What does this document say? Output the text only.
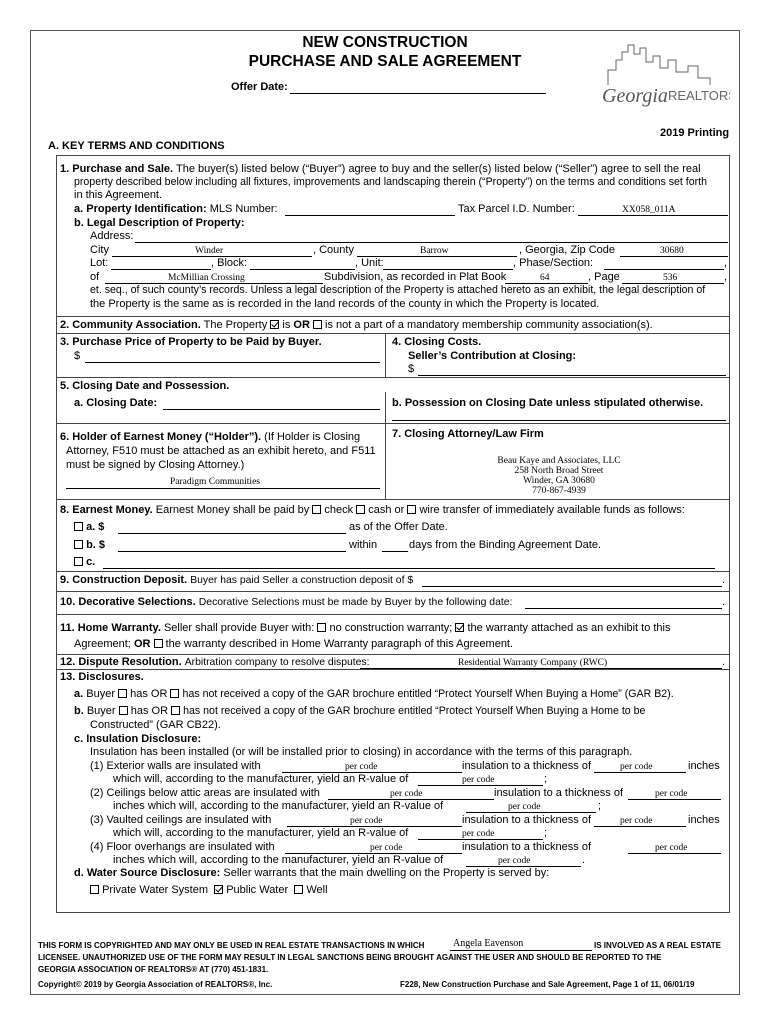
NEW CONSTRUCTION
PURCHASE AND SALE AGREEMENT
Offer Date:	Georgia REALTORS
2019 Printing
A. KEY TERMS AND CONDITIONS
1. Purchase and Sale. The buyer(s) listed below (“Buyer”) agree to buy and the seller(s) listed below (“Seller”) agree to sell the real
property described below including all fixtures, improvements and landscaping therein (“Property”) on the terms and conditions set forth
in this Agreement.
a. Property Identification: MLS Number:	Tax Parcel I.D. Number:	XX058_011A
b. Legal Description of Property:
Address:
City	Winder	, County	Barrow	, Georgia, Zip Code	30680
Lot:	, Block:	, Unit:	, Phase/Section:	,
of	McMillian Crossing	Subdivision, as recorded in Plat Book	64	, Page	536	,
et. seq., of such county’s records. Unless a legal description of the Property is attached hereto as an exhibit, the legal description of
the Property is the same as is recorded in the land records of the county in which the Property is located.
2. Community Association. The Property is OR is not a part of a mandatory membership community association(s).
3. Purchase Price of Property to be Paid by Buyer.
$
4. Closing Costs.
Seller’s Contribution at Closing:
$
5. Closing Date and Possession.
a. Closing Date:	b. Possession on Closing Date unless stipulated otherwise.
6. Holder of Earnest Money (“Holder”). (If Holder is Closing
Attorney, F510 must be attached as an exhibit hereto, and F511
must be signed by Closing Attorney.)
Paradigm Communities
7. Closing Attorney/Law Firm
Beau Kaye and Associates, LLC
258 North Broad Street
Winder, GA 30680
770-867-4939
8. Earnest Money. Earnest Money shall be paid by check cash or wire transfer of immediately available funds as follows:
a. $	as of the Offer Date.
b. $	within	days from the Binding Agreement Date.
c.
9. Construction Deposit. Buyer has paid Seller a construction deposit of $	.
10. Decorative Selections. Decorative Selections must be made by Buyer by the following date:	.
11. Home Warranty. Seller shall provide Buyer with: no construction warranty; the warranty attached as an exhibit to this
Agreement; OR the warranty described in Home Warranty paragraph of this Agreement.
12. Dispute Resolution. Arbitration company to resolve disputes:	Residential Warranty Company (RWC)	.
13. Disclosures.
a. Buyer has OR has not received a copy of the GAR brochure entitled “Protect Yourself When Buying a Home” (GAR B2).
b. Buyer has OR has not received a copy of the GAR brochure entitled “Protect Yourself When Buying a Home to be
Constructed” (GAR CB22).
c. Insulation Disclosure:
Insulation has been installed (or will be installed prior to closing) in accordance with the terms of this paragraph.
(1) Exterior walls are insulated with	per code	insulation to a thickness of	per code	inches
which will, according to the manufacturer, yield an R-value of	per code	;
(2) Ceilings below attic areas are insulated with	per code	insulation to a thickness of	per code
inches which will, according to the manufacturer, yield an R-value of	per code	;
(3) Vaulted ceilings are insulated with	per code	insulation to a thickness of	per code	inches
which will, according to the manufacturer, yield an R-value of	per code	;
(4) Floor overhangs are insulated with	per code	insulation to a thickness of	per code
inches which will, according to the manufacturer, yield an R-value of	per code	.
d. Water Source Disclosure: Seller warrants that the main dwelling on the Property is served by:
Private Water System Public Water Well
THIS FORM IS COPYRIGHTED AND MAY ONLY BE USED IN REAL ESTATE TRANSACTIONS IN WHICH	Angela Eavenson	IS INVOLVED AS A REAL ESTATE
LICENSEE. UNAUTHORIZED USE OF THE FORM MAY RESULT IN LEGAL SANCTIONS BEING BROUGHT AGAINST THE USER AND SHOULD BE REPORTED TO THE
GEORGIA ASSOCIATION OF REALTORS® AT (770) 451-1831.
Copyright© 2019 by Georgia Association of REALTORS®, Inc.	F228, New Construction Purchase and Sale Agreement, Page 1 of 11, 06/01/19
